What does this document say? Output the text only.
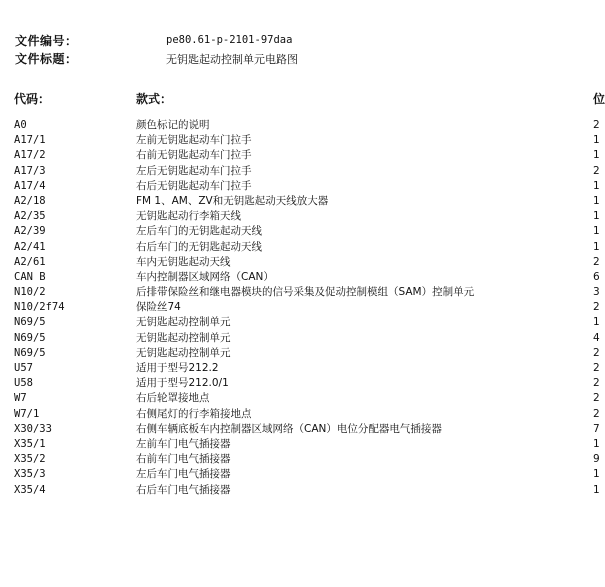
文件编号：	pe80.61-p-2101-97daa
文件标题：	无钥匙起动控制单元电路图
代码：	款式：	位
A0	颜色标记的说明	2
A17/1	左前无钥匙起动车门拉手	1
A17/2	右前无钥匙起动车门拉手	1
A17/3	左后无钥匙起动车门拉手	2
A17/4	右后无钥匙起动车门拉手	1
A2/18	FM 1、AM、ZV和无钥匙起动天线放大器	1
A2/35	无钥匙起动行李箱天线	1
A2/39	左后车门的无钥匙起动天线	1
A2/41	右后车门的无钥匙起动天线	1
A2/61	车内无钥匙起动天线	2
CAN B	车内控制器区域网络（CAN）	6
N10/2	后排带保险丝和继电器模块的信号采集及促动控制模组（SAM）控制单元	3
N10/2f74	保险丝74	2
N69/5	无钥匙起动控制单元	1
N69/5	无钥匙起动控制单元	4
N69/5	无钥匙起动控制单元	2
U57	适用于型号212.2	2
U58	适用于型号212.0/1	2
W7	右后轮罩接地点	2
W7/1	右侧尾灯的行李箱接地点	2
X30/33	右侧车辆底板车内控制器区域网络（CAN）电位分配器电气插接器	7
X35/1	左前车门电气插接器	1
X35/2	右前车门电气插接器	9
X35/3	左后车门电气插接器	1
X35/4	右后车门电气插接器	1
